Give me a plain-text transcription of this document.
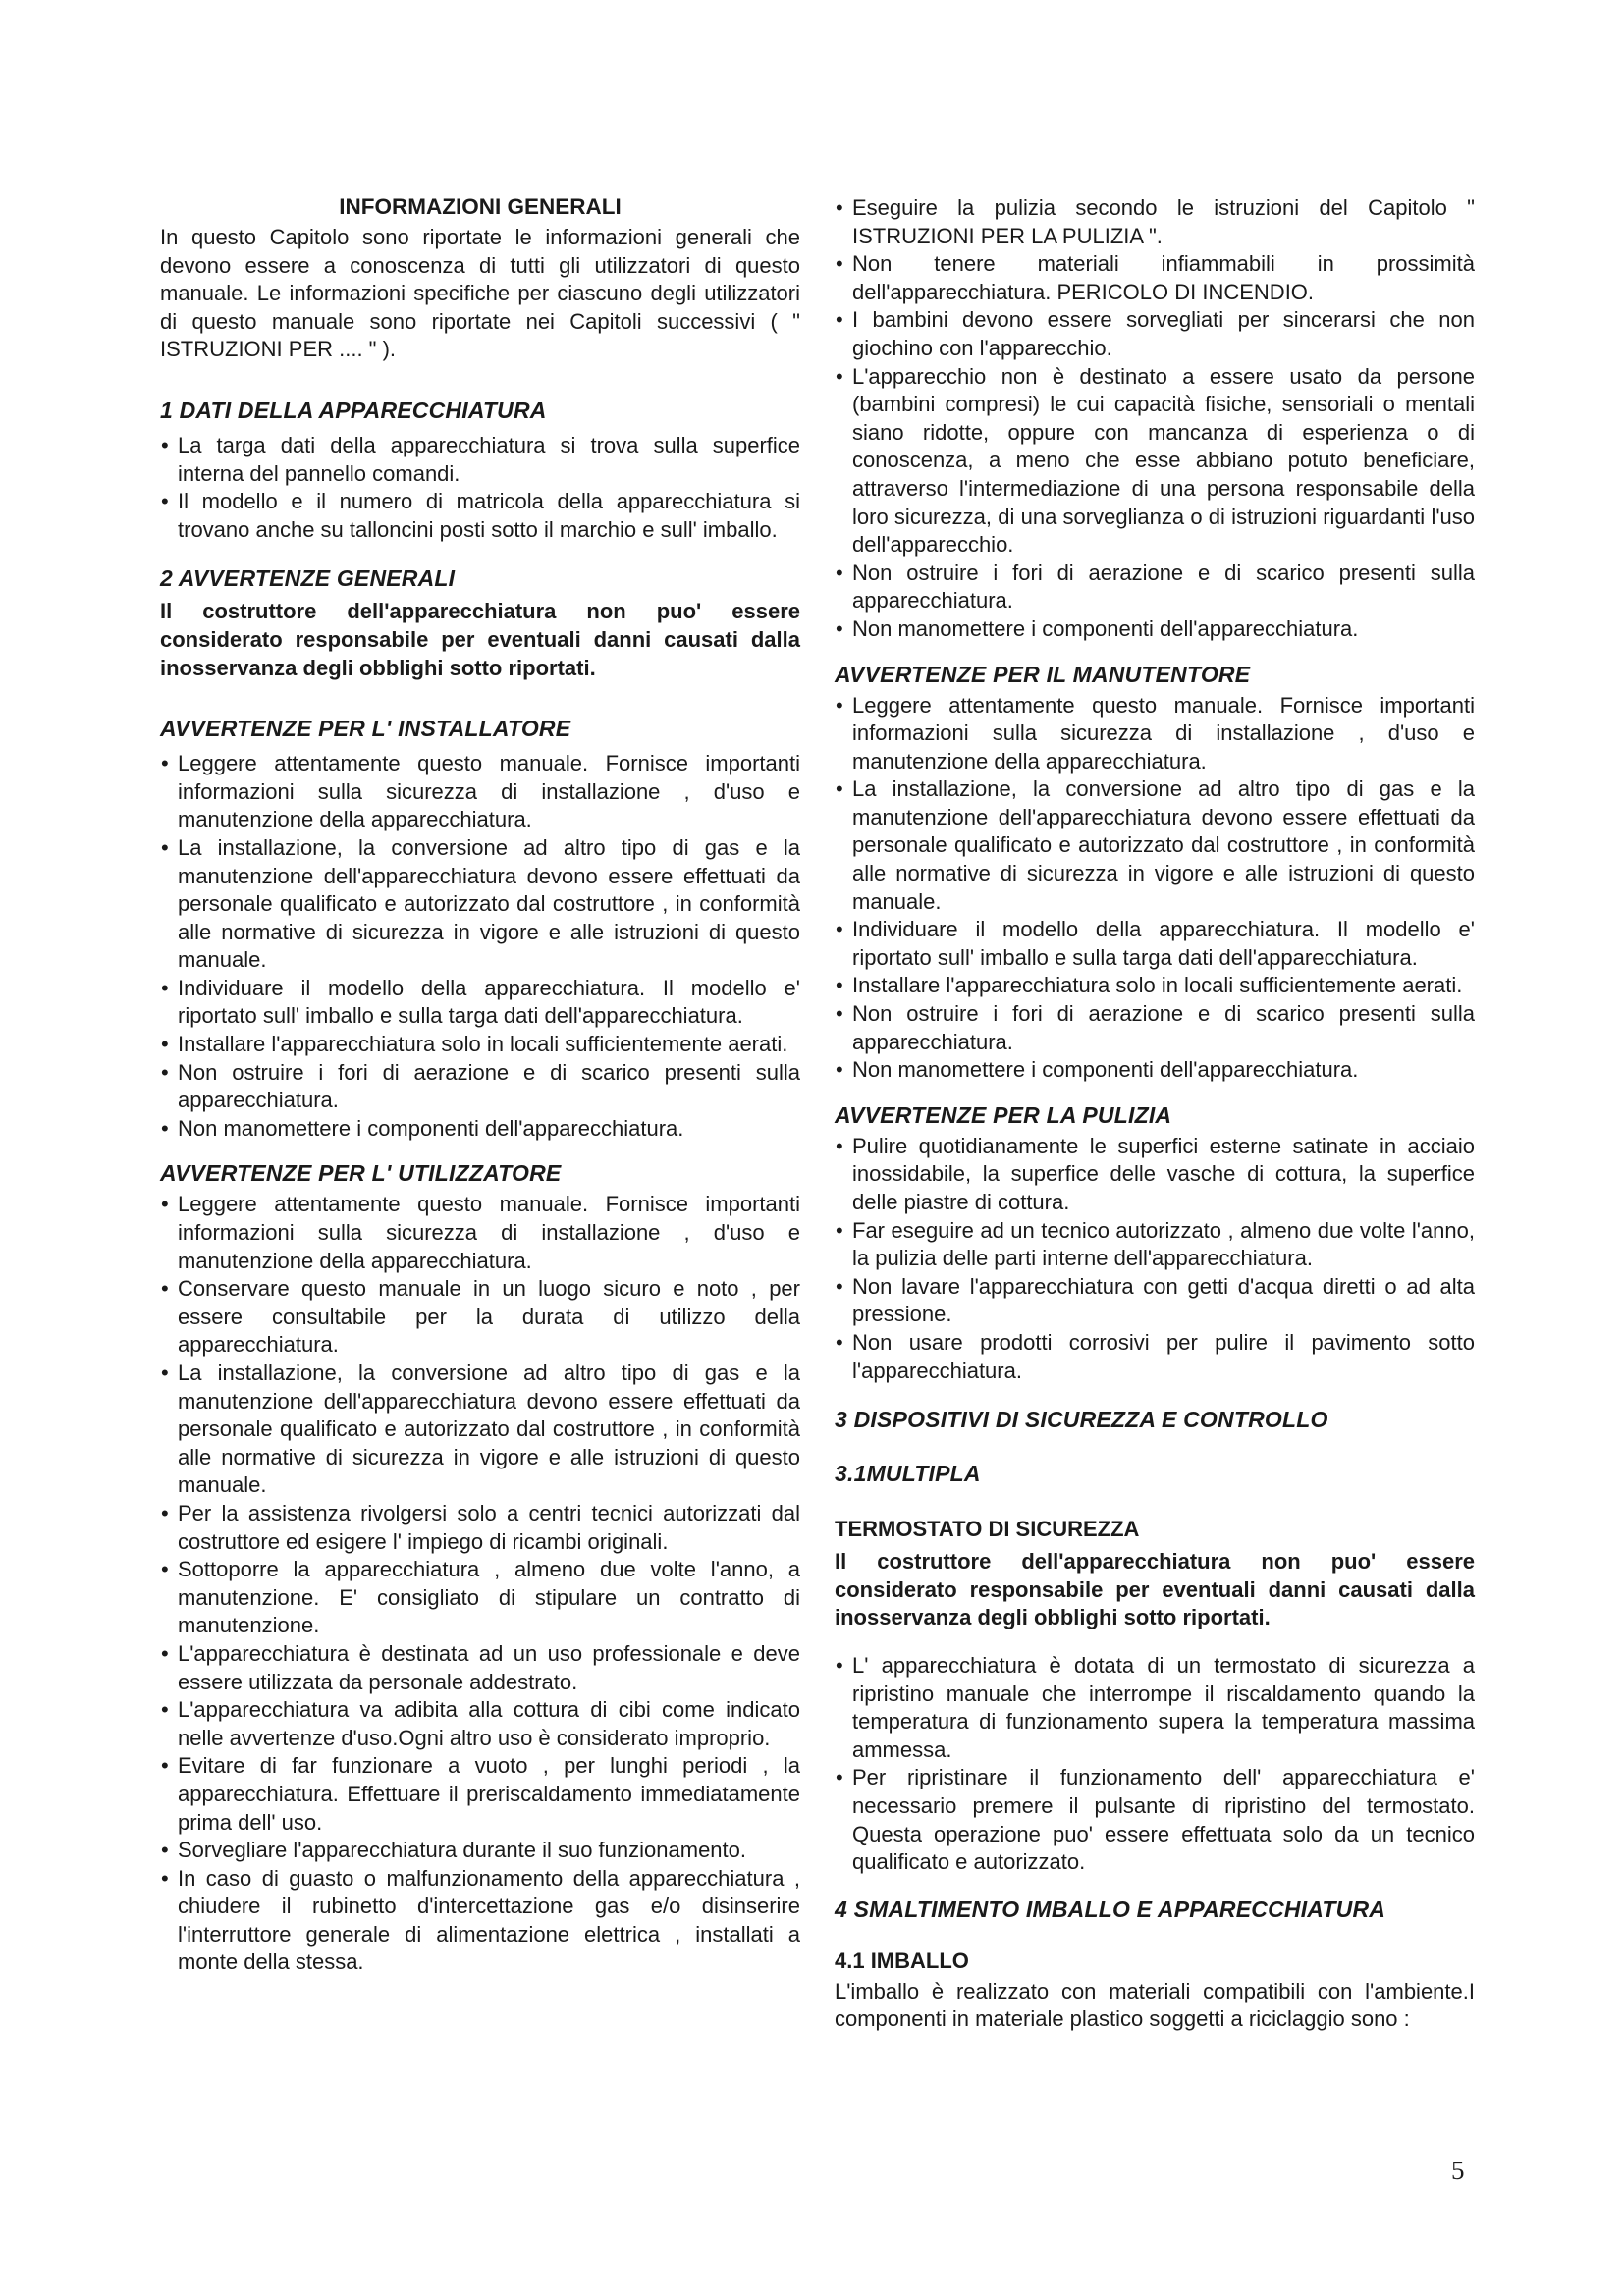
INFORMAZIONI GENERALI

In questo Capitolo sono riportate le informazioni generali che devono essere a conoscenza di tutti gli utilizzatori di questo manuale. Le informazioni specifiche per ciascuno degli utilizzatori di questo manuale sono riportate nei Capitoli successivi ( " ISTRUZIONI PER .... " ).

1 DATI DELLA APPARECCHIATURA
• La targa dati della apparecchiatura si trova sulla superfice interna del pannello comandi.
• Il modello e il numero di matricola della apparecchiatura si trovano anche su talloncini posti sotto il marchio e sull' imballo.
2 AVVERTENZE GENERALI

Il costruttore dell'apparecchiatura non puo' essere considerato responsabile per eventuali danni causati dalla inosservanza degli obblighi sotto riportati.

AVVERTENZE PER L' INSTALLATORE
• Leggere attentamente questo manuale. Fornisce importanti informazioni sulla sicurezza di installazione , d'uso e manutenzione della apparecchiatura.
• La installazione, la conversione ad altro tipo di gas e la manutenzione dell'apparecchiatura devono essere effettuati da personale qualificato e autorizzato dal costruttore , in conformità alle normative di sicurezza in vigore e alle istruzioni di questo manuale.
• Individuare il modello della apparecchiatura. Il modello e' riportato sull' imballo e sulla targa dati dell'apparecchiatura.
• Installare l'apparecchiatura solo in locali sufficientemente aerati.
• Non ostruire i fori di aerazione e di scarico presenti sulla apparecchiatura.
• Non manomettere i componenti dell'apparecchiatura.
AVVERTENZE PER L' UTILIZZATORE
• Leggere attentamente questo manuale. Fornisce importanti informazioni sulla sicurezza di installazione , d'uso e manutenzione della apparecchiatura.
• Conservare questo manuale in un luogo sicuro e noto , per essere consultabile per la durata di utilizzo della apparecchiatura.
• La installazione, la conversione ad altro tipo di gas e la manutenzione dell'apparecchiatura devono essere effettuati da personale qualificato e autorizzato dal costruttore , in conformità alle normative di sicurezza in vigore e alle istruzioni di questo manuale.
• Per la assistenza rivolgersi solo a centri tecnici autorizzati dal costruttore ed esigere l' impiego di ricambi originali.
• Sottoporre la apparecchiatura , almeno due volte l'anno, a manutenzione. E' consigliato di stipulare un contratto di manutenzione.
• L'apparecchiatura è destinata ad un uso professionale e deve essere utilizzata da personale addestrato.
• L'apparecchiatura va adibita alla cottura di cibi come indicato nelle avvertenze d'uso.Ogni altro uso è considerato improprio.
• Evitare di far funzionare a vuoto , per lunghi periodi , la apparecchiatura. Effettuare il preriscaldamento immediatamente prima dell' uso.
• Sorvegliare l'apparecchiatura durante il suo funzionamento.
• In caso di guasto o malfunzionamento della apparecchiatura , chiudere il rubinetto d'intercettazione gas e/o disinserire l'interruttore generale di alimentazione elettrica , installati a monte della stessa.
• Eseguire la pulizia secondo le istruzioni del Capitolo " ISTRUZIONI PER LA PULIZIA ".
• Non tenere materiali infiammabili in prossimità dell'apparecchiatura. PERICOLO DI INCENDIO.
• I bambini devono essere sorvegliati per sincerarsi che non giochino con l'apparecchio.
• L'apparecchio non è destinato a essere usato da persone (bambini compresi) le cui capacità fisiche, sensoriali o mentali siano ridotte, oppure con mancanza di esperienza o di conoscenza, a meno che esse abbiano potuto beneficiare, attraverso l'intermediazione di una persona responsabile della loro sicurezza, di una sorveglianza o di istruzioni riguardanti l'uso dell'apparecchio.
• Non ostruire i fori di aerazione e di scarico presenti sulla apparecchiatura.
• Non manomettere i componenti dell'apparecchiatura.
AVVERTENZE PER IL MANUTENTORE
• Leggere attentamente questo manuale. Fornisce importanti informazioni sulla sicurezza di installazione , d'uso e manutenzione della apparecchiatura.
• La installazione, la conversione ad altro tipo di gas e la manutenzione dell'apparecchiatura devono essere effettuati da personale qualificato e autorizzato dal costruttore , in conformità alle normative di sicurezza in vigore e alle istruzioni di questo manuale.
• Individuare il modello della apparecchiatura. Il modello e' riportato sull' imballo e sulla targa dati dell'apparecchiatura.
• Installare l'apparecchiatura solo in locali sufficientemente aerati.
• Non ostruire i fori di aerazione e di scarico presenti sulla apparecchiatura.
• Non manomettere i componenti dell'apparecchiatura.
AVVERTENZE PER LA PULIZIA
• Pulire quotidianamente le superfici esterne satinate in acciaio inossidabile, la superfice delle vasche di cottura, la superfice delle piastre di cottura.
• Far eseguire ad un tecnico autorizzato , almeno due volte l'anno, la pulizia delle parti interne dell'apparecchiatura.
• Non lavare l'apparecchiatura con getti d'acqua diretti o ad alta pressione.
• Non usare prodotti corrosivi per pulire il pavimento sotto l'apparecchiatura.
3 DISPOSITIVI DI SICUREZZA E CONTROLLO
3.1MULTIPLA
TERMOSTATO DI SICUREZZA

Il costruttore dell'apparecchiatura non puo' essere considerato responsabile per eventuali danni causati dalla inosservanza degli obblighi sotto riportati.

• L' apparecchiatura è dotata di un termostato di sicurezza a ripristino manuale che interrompe il riscaldamento quando la temperatura di funzionamento supera la temperatura massima ammessa.
• Per ripristinare il funzionamento dell' apparecchiatura e' necessario premere il pulsante di ripristino del termostato. Questa operazione puo' essere effettuata solo da un tecnico qualificato e autorizzato.
4 SMALTIMENTO IMBALLO E APPARECCHIATURA
4.1 IMBALLO

L'imballo è realizzato con materiali compatibili con l'ambiente.I componenti in materiale plastico soggetti a riciclaggio sono :

5
